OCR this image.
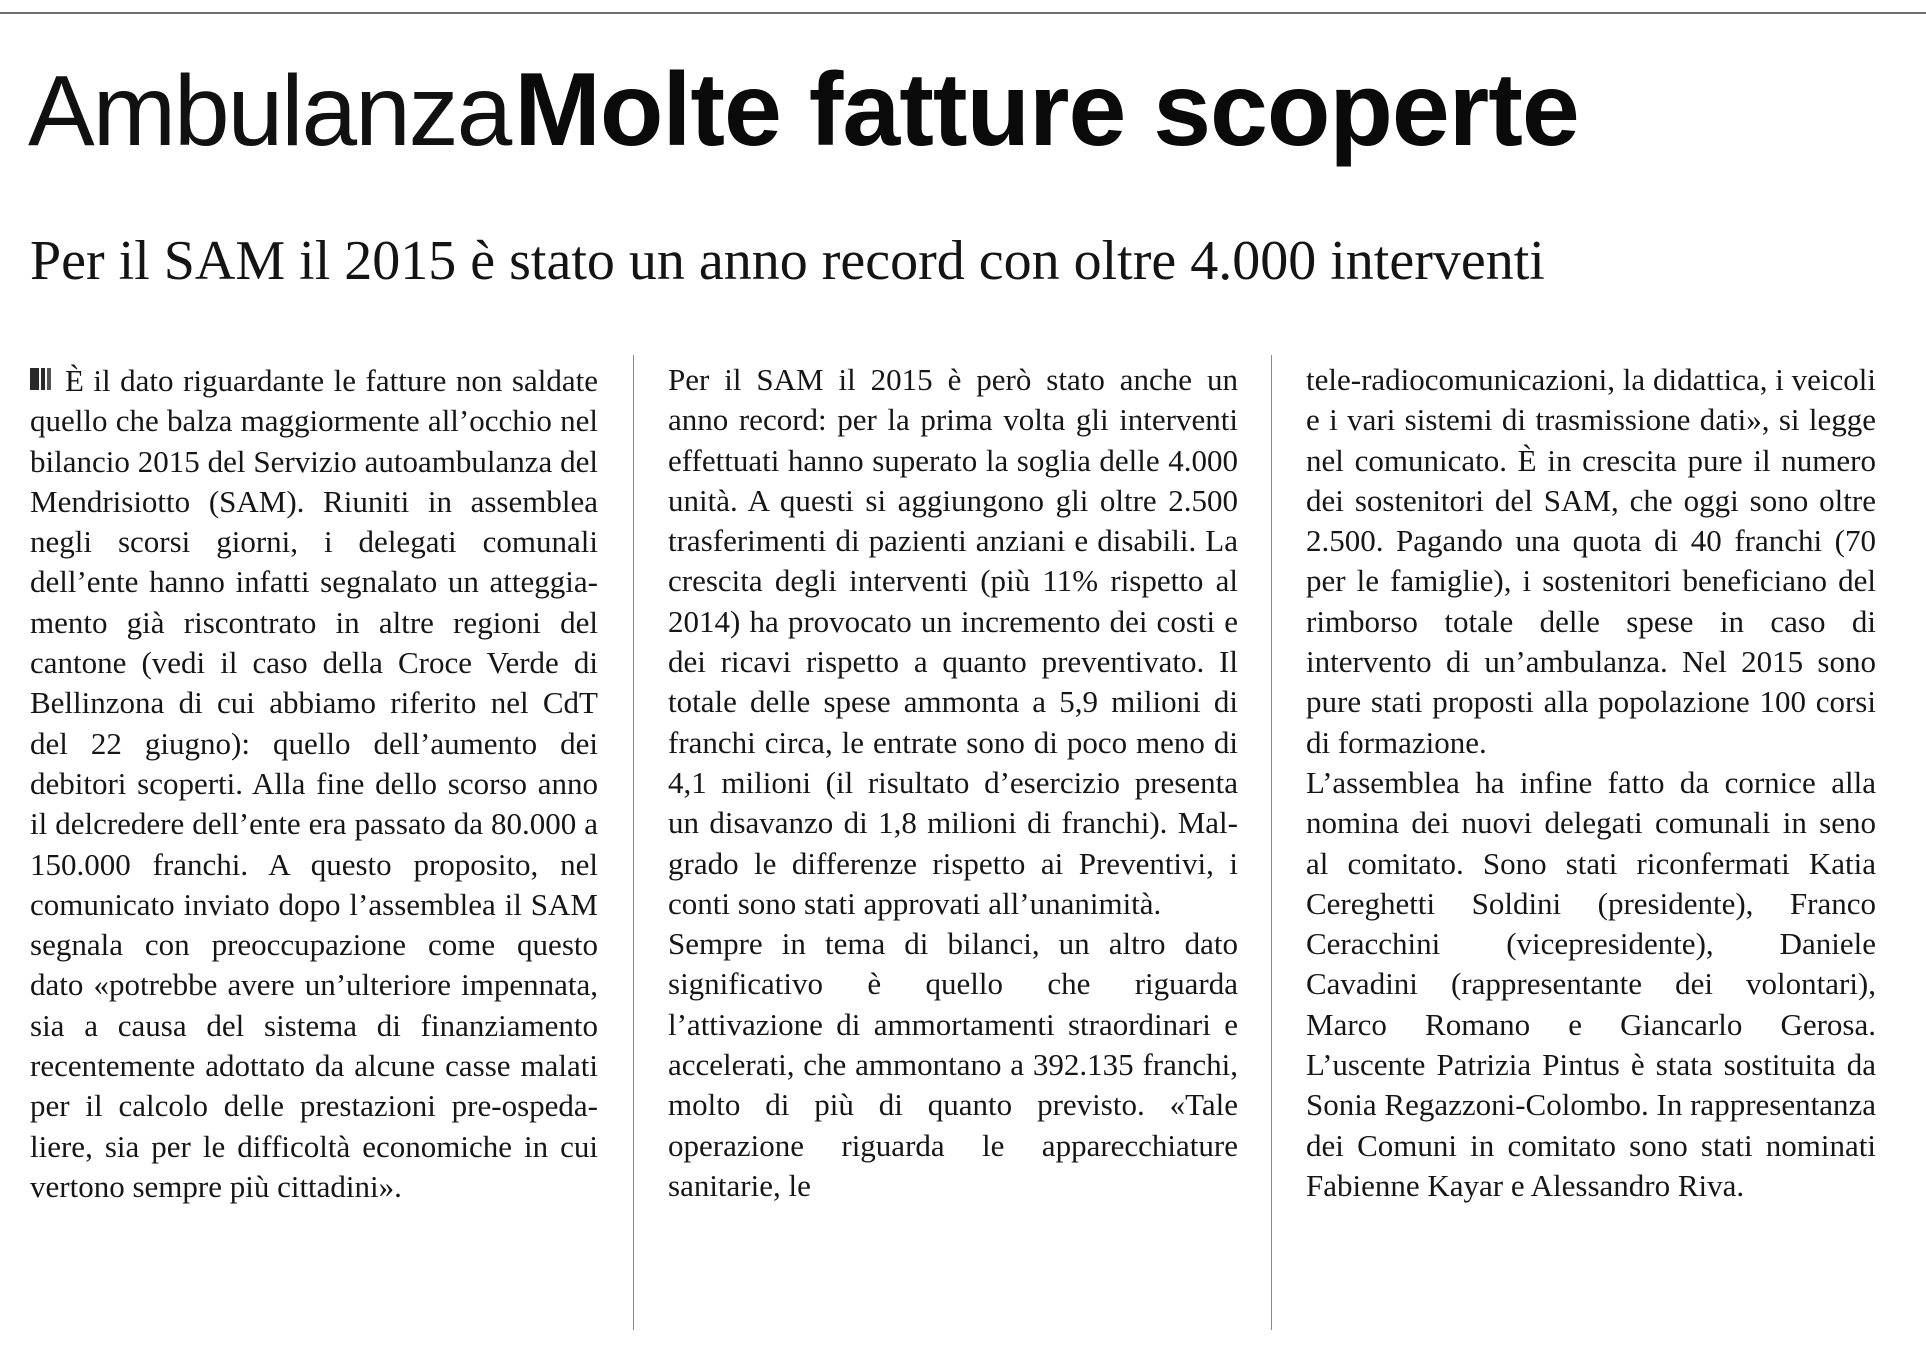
Ambulanza Molte fatture scoperte
Per il SAM il 2015 è stato un anno record con oltre 4.000 interventi

È il dato riguardante le fatture non saldate quello che balza maggiormente all’occhio nel bilancio 2015 del Servizio autoambulanza del Mendrisiotto (SAM). Riuniti in assemblea negli scorsi giorni, i delegati comunali dell’ente hanno infatti segnalato un atteggiamento già riscontrato in altre regioni del cantone (vedi il caso della Croce Verde di Bellinzona di cui abbiamo riferito nel CdT del 22 giugno): quello dell’aumento dei debitori scoperti. Alla fine dello scorso anno il delcredere dell’ente era passato da 80.000 a 150.000 franchi. A questo proposito, nel comunicato inviato dopo l’assemblea il SAM segnala con preoccupazione come questo dato «potrebbe avere un’ulteriore impennata, sia a causa del sistema di finanziamento recentemente adottato da alcune casse malati per il calcolo delle prestazioni pre-ospedaliere, sia per le difficoltà economiche in cui vertono sempre più cittadini».

Per il SAM il 2015 è però stato anche un anno record: per la prima volta gli interventi effettuati hanno superato la soglia delle 4.000 unità. A questi si aggiungono gli oltre 2.500 trasferimenti di pazienti anziani e disabili. La crescita degli interventi (più 11% rispetto al 2014) ha provocato un incremento dei costi e dei ricavi rispetto a quanto preventivato. Il totale delle spese ammonta a 5,9 milioni di franchi circa, le entrate sono di poco meno di 4,1 milioni (il risultato d’esercizio presenta un disavanzo di 1,8 milioni di franchi). Malgrado le differenze rispetto ai Preventivi, i conti sono stati approvati all’unanimità.

Sempre in tema di bilanci, un altro dato significativo è quello che riguarda l’attivazione di ammortamenti straordinari e accelerati, che ammontano a 392.135 franchi, molto di più di quanto previsto. «Tale operazione riguarda le apparecchiature sanitarie, le

tele-radiocomunicazioni, la didattica, i veicoli e i vari sistemi di trasmissione dati», si legge nel comunicato. È in crescita pure il numero dei sostenitori del SAM, che oggi sono oltre 2.500. Pagando una quota di 40 franchi (70 per le famiglie), i sostenitori beneficiano del rimborso totale delle spese in caso di intervento di un’ambulanza. Nel 2015 sono pure stati proposti alla popolazione 100 corsi di formazione.

L’assemblea ha infine fatto da cornice alla nomina dei nuovi delegati comunali in seno al comitato. Sono stati riconfermati Katia Cereghetti Soldini (presidente), Franco Ceracchini (vicepresidente), Daniele Cavadini (rappresentante dei volontari), Marco Romano e Giancarlo Gerosa. L’uscente Patrizia Pintus è stata sostituita da Sonia Regazzoni-Colombo. In rappresentanza dei Comuni in comitato sono stati nominati Fabienne Kayar e Alessandro Riva.
